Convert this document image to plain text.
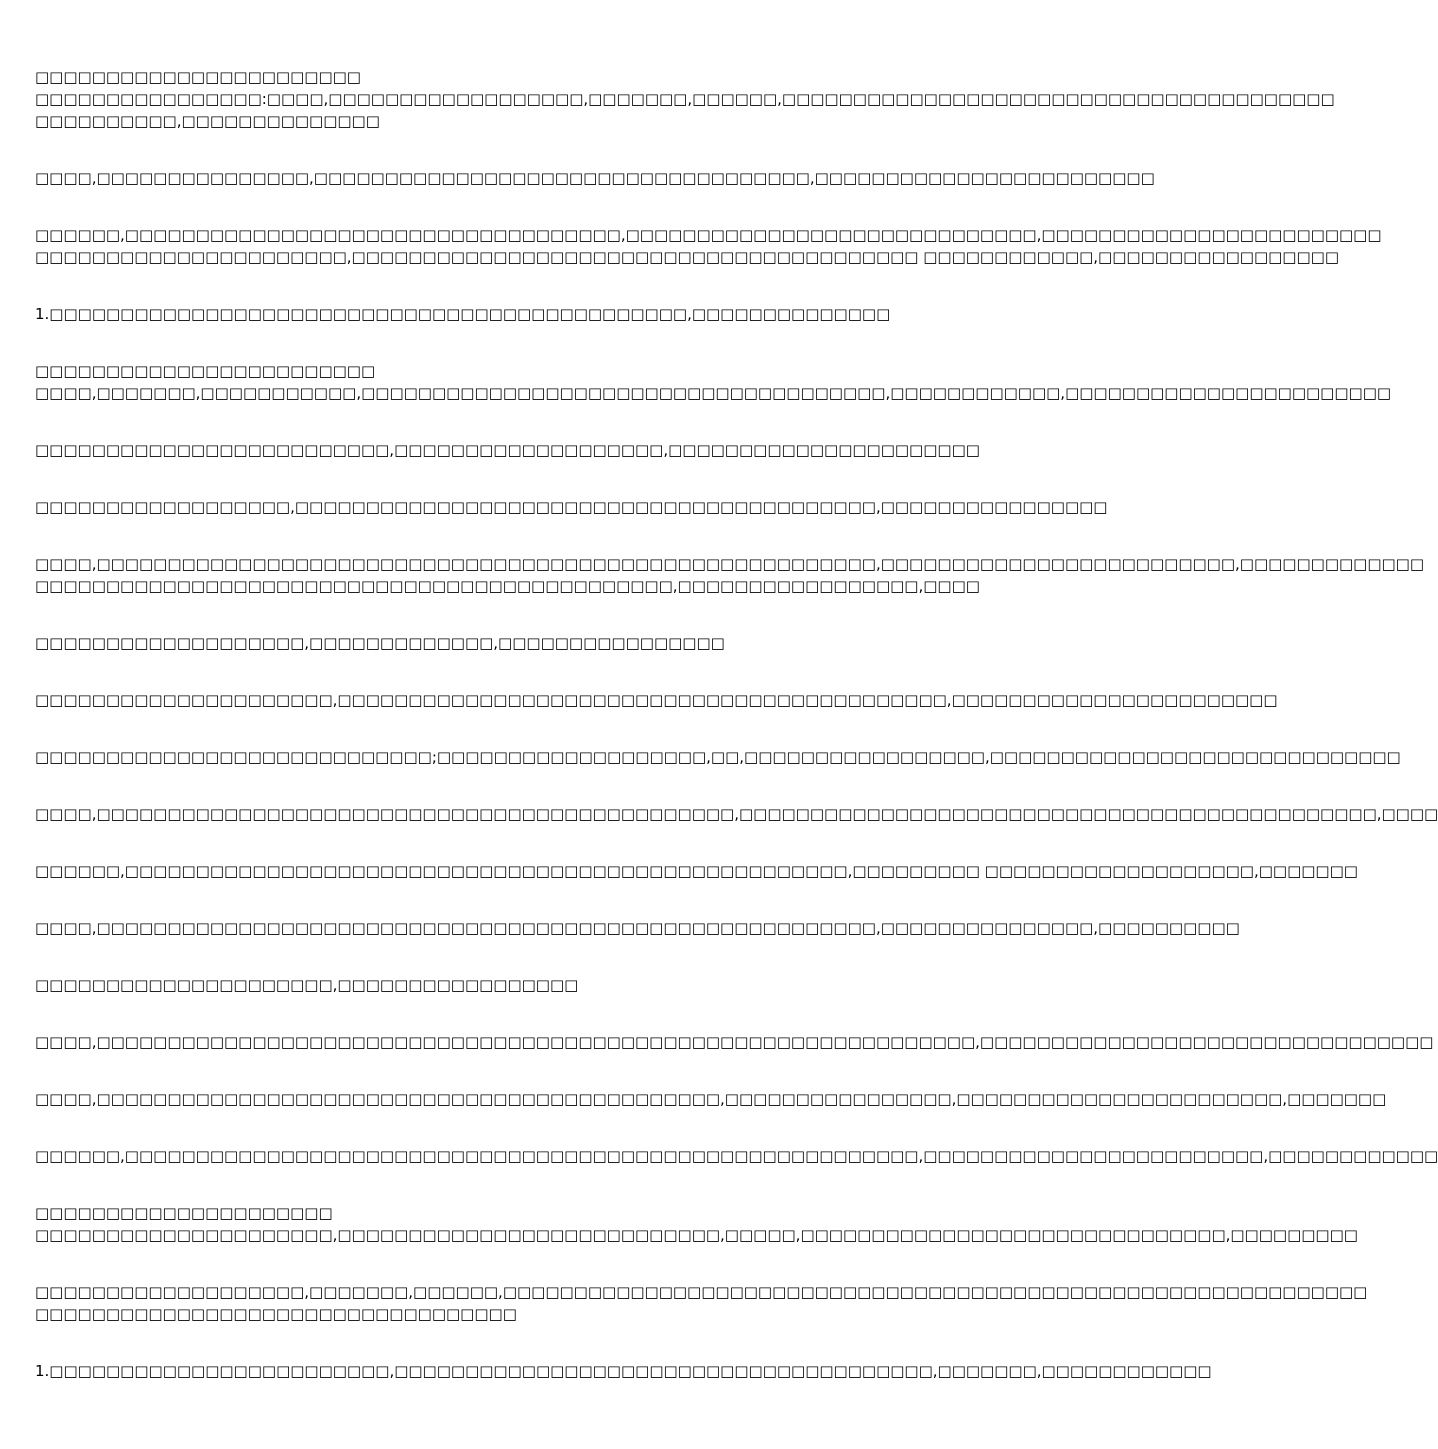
□□□□□□□□□□□□□□□□□□□□□□□

□□□□□□□□□□□□□□□□:□□□□,□□□□□□□□□□□□□□□□□□,□□□□□□□,□□□□□□,□□□□□□□□□□□□□□□□□□□□□□□□□□□□□□□□□□□□□□□

□□□□□□□□□□,□□□□□□□□□□□□□□

□□□□,□□□□□□□□□□□□□□□,□□□□□□□□□□□□□□□□□□□□□□□□□□□□□□□□□□□,□□□□□□□□□□□□□□□□□□□□□□□□

□□□□□□,□□□□□□□□□□□□□□□□□□□□□□□□□□□□□□□□□□□,□□□□□□□□□□□□□□□□□□□□□□□□□□□□□,□□□□□□□□□□□□□□□□□□□□□□□□

□□□□□□□□□□□□□□□□□□□□□□,□□□□□□□□□□□□□□□□□□□□□□□□□□□□□□□□□□□□□□□□ □□□□□□□□□□□□,□□□□□□□□□□□□□□□□□

1.□□□□□□□□□□□□□□□□□□□□□□□□□□□□□□□□□□□□□□□□□□□□□,□□□□□□□□□□□□□□

□□□□□□□□□□□□□□□□□□□□□□□□

□□□□,□□□□□□□,□□□□□□□□□□□,□□□□□□□□□□□□□□□□□□□□□□□□□□□□□□□□□□□□□,□□□□□□□□□□□□,□□□□□□□□□□□□□□□□□□□□□□□

□□□□□□□□□□□□□□□□□□□□□□□□□,□□□□□□□□□□□□□□□□□□□,□□□□□□□□□□□□□□□□□□□□□□

□□□□□□□□□□□□□□□□□□,□□□□□□□□□□□□□□□□□□□□□□□□□□□□□□□□□□□□□□□□□,□□□□□□□□□□□□□□□□

□□□□,□□□□□□□□□□□□□□□□□□□□□□□□□□□□□□□□□□□□□□□□□□□□□□□□□□□□□□□,□□□□□□□□□□□□□□□□□□□□□□□□□,□□□□□□□□□□□□□

□□□□□□□□□□□□□□□□□□□□□□□□□□□□□□□□□□□□□□□□□□□□□,□□□□□□□□□□□□□□□□□,□□□□

□□□□□□□□□□□□□□□□□□□,□□□□□□□□□□□□□,□□□□□□□□□□□□□□□□

□□□□□□□□□□□□□□□□□□□□□,□□□□□□□□□□□□□□□□□□□□□□□□□□□□□□□□□□□□□□□□□□□,□□□□□□□□□□□□□□□□□□□□□□□

□□□□□□□□□□□□□□□□□□□□□□□□□□□□;□□□□□□□□□□□□□□□□□□□,□□,□□□□□□□□□□□□□□□□□,□□□□□□□□□□□□□□□□□□□□□□□□□□□□□

□□□□,□□□□□□□□□□□□□□□□□□□□□□□□□□□□□□□□□□□□□□□□□□□□□,□□□□□□□□□□□□□□□□□□□□□□□□□□□□□□□□□□□□□□□□□□□□□,□□□□

□□□□□□,□□□□□□□□□□□□□□□□□□□□□□□□□□□□□□□□□□□□□□□□□□□□□□□□□□□,□□□□□□□□□ □□□□□□□□□□□□□□□□□□□,□□□□□□□

□□□□,□□□□□□□□□□□□□□□□□□□□□□□□□□□□□□□□□□□□□□□□□□□□□□□□□□□□□□□,□□□□□□□□□□□□□□□,□□□□□□□□□□

□□□□□□□□□□□□□□□□□□□□□,□□□□□□□□□□□□□□□□□

□□□□,□□□□□□□□□□□□□□□□□□□□□□□□□□□□□□□□□□□□□□□□□□□□□□□□□□□□□□□□□□□□□□,□□□□□□□□□□□□□□□□□□□□□□□□□□□□□□□□

□□□□,□□□□□□□□□□□□□□□□□□□□□□□□□□□□□□□□□□□□□□□□□□□□,□□□□□□□□□□□□□□□□,□□□□□□□□□□□□□□□□□□□□□□□,□□□□□□□

□□□□□□,□□□□□□□□□□□□□□□□□□□□□□□□□□□□□□□□□□□□□□□□□□□□□□□□□□□□□□□□,□□□□□□□□□□□□□□□□□□□□□□□□,□□□□□□□□□□□□

□□□□□□□□□□□□□□□□□□□□□

□□□□□□□□□□□□□□□□□□□□□,□□□□□□□□□□□□□□□□□□□□□□□□□□□,□□□□□,□□□□□□□□□□□□□□□□□□□□□□□□□□□□□□,□□□□□□□□□

□□□□□□□□□□□□□□□□□□□,□□□□□□□,□□□□□□,□□□□□□□□□□□□□□□□□□□□□□□□□□□□□□□□□□□□□□□□□□□□□□□□□□□□□□□□□□□□□

□□□□□□□□□□□□□□□□□□□□□□□□□□□□□□□□□□

1.□□□□□□□□□□□□□□□□□□□□□□□□,□□□□□□□□□□□□□□□□□□□□□□□□□□□□□□□□□□□□□□,□□□□□□□,□□□□□□□□□□□□
